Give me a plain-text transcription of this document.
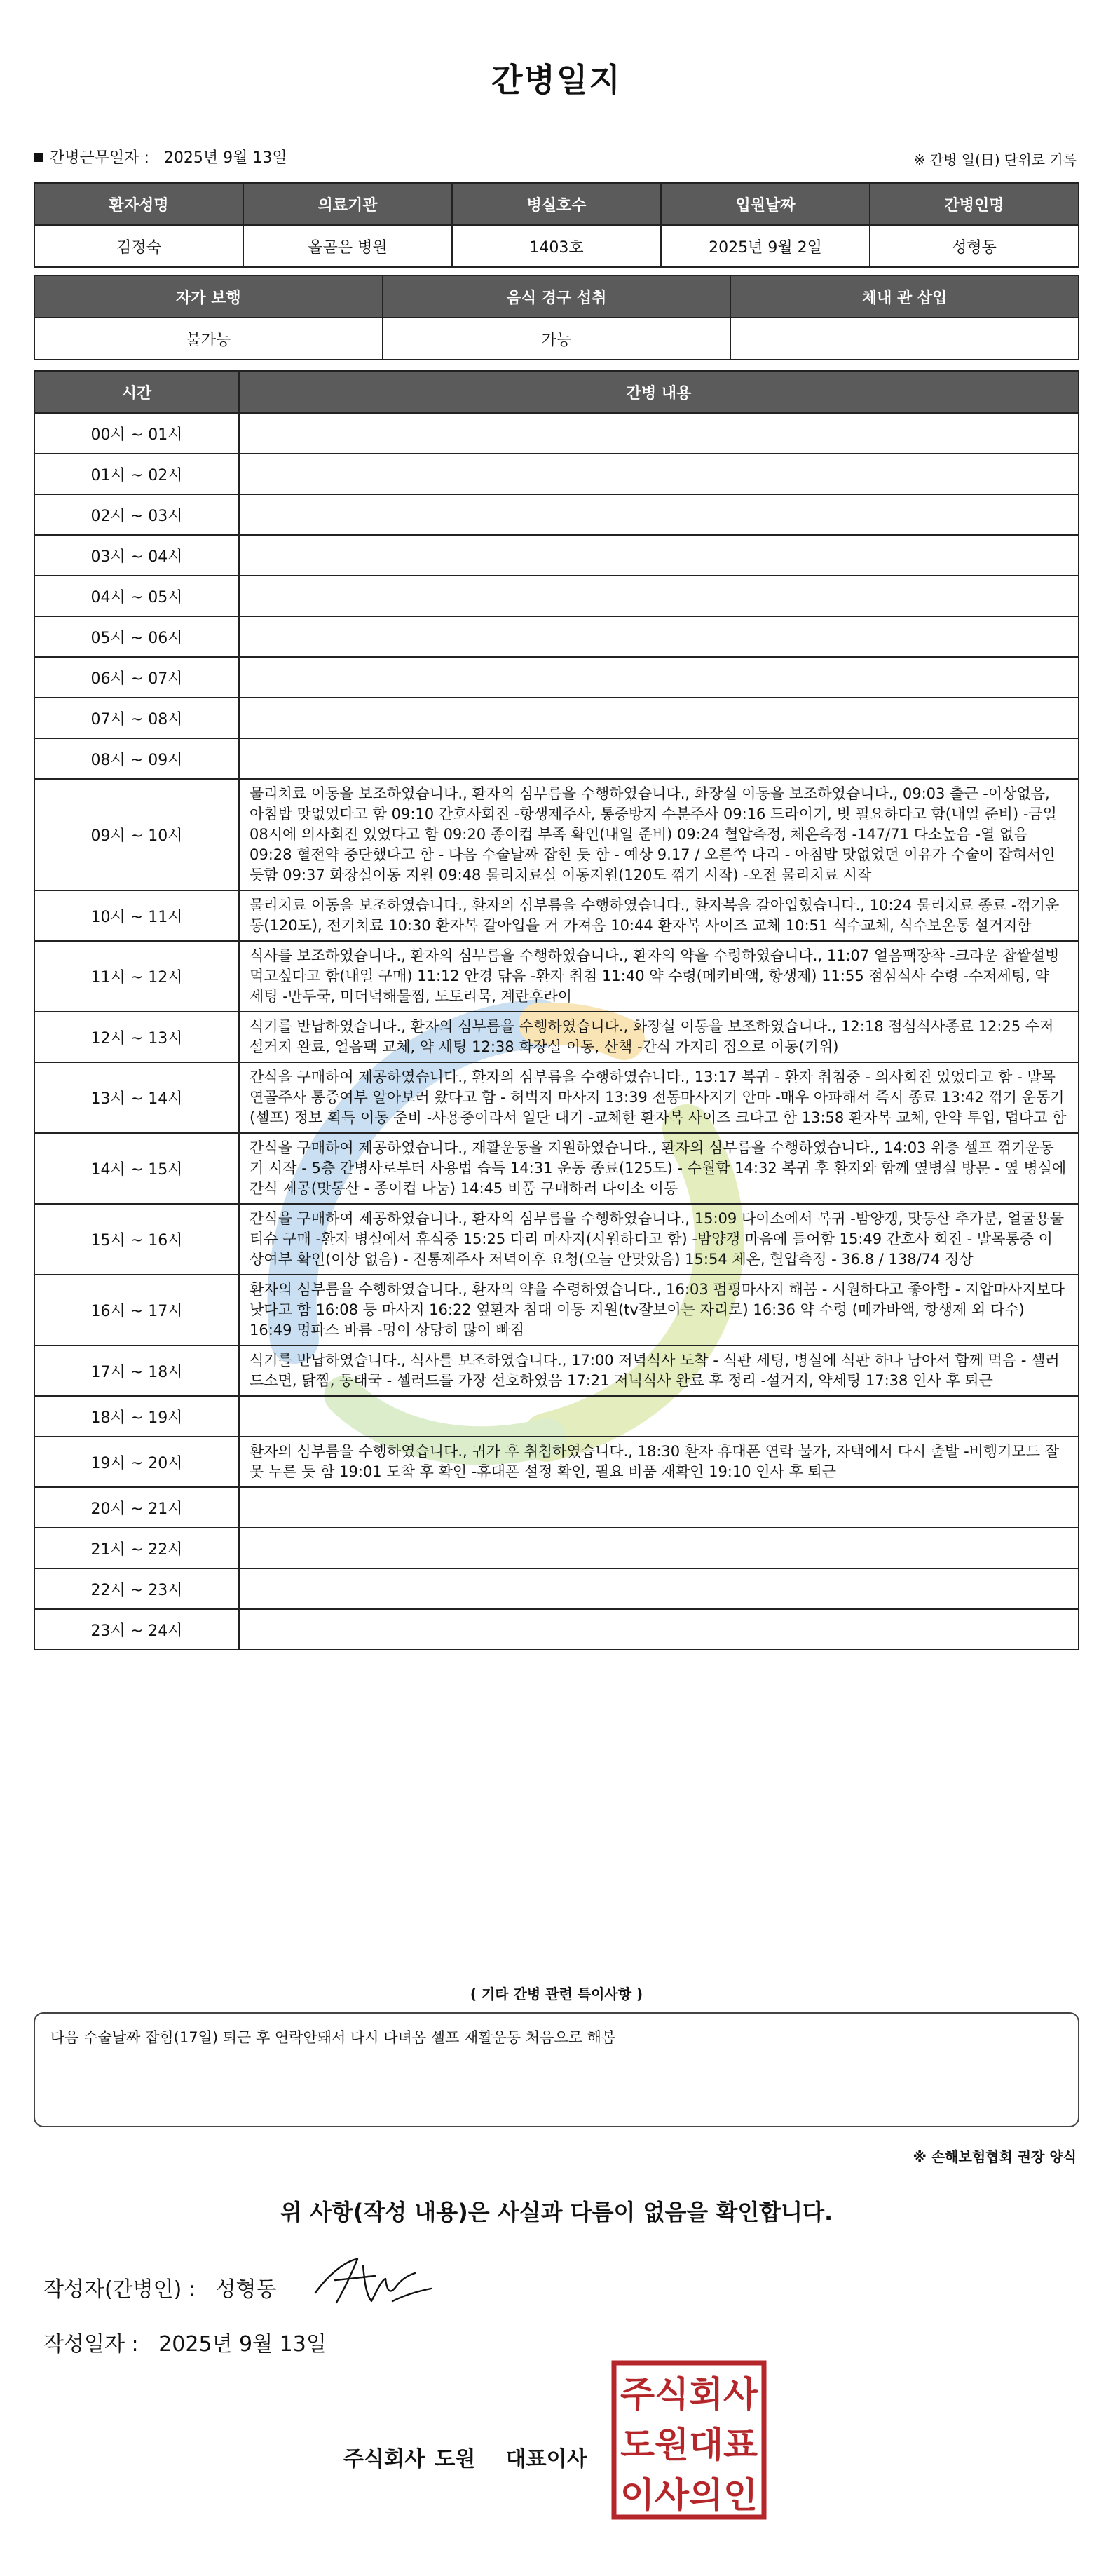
간병일지
간병근무일자 : 2025년 9월 13일	※ 간병 일(日) 단위로 기록
환자성명	의료기관	병실호수	입원날짜	간병인명
김정숙	올곧은 병원	1403호	2025년 9월 2일	성형동
자가 보행	음식 경구 섭취	체내 관 삽입
불가능	가능	
시간	간병 내용
00시 ~ 01시	
01시 ~ 02시	
02시 ~ 03시	
03시 ~ 04시	
04시 ~ 05시	
05시 ~ 06시	
06시 ~ 07시	
07시 ~ 08시	
08시 ~ 09시	
09시 ~ 10시	물리치료 이동을 보조하였습니다., 환자의 심부름을 수행하였습니다., 화장실 이동을 보조하였습니다., 09:03 출근 -이상없음, 아침밥 맛없었다고 함 09:10 간호사회진 -항생제주사, 통증방지 수분주사 09:16 드라이기, 빗 필요하다고 함(내일 준비) -금일 08시에 의사회진 있었다고 함 09:20 종이컵 부족 확인(내일 준비) 09:24 혈압측정, 체온측정 -147/71 다소높음 -열 없음 09:28 혈전약 중단했다고 함 - 다음 수술날짜 잡힌 듯 함 - 예상 9.17 / 오른쪽 다리 - 아침밥 맛없었던 이유가 수술이 잡혀서인듯함 09:37 화장실이동 지원 09:48 물리치료실 이동지원(120도 꺾기 시작) -오전 물리치료 시작
10시 ~ 11시	물리치료 이동을 보조하였습니다., 환자의 심부름을 수행하였습니다., 환자복을 갈아입혔습니다., 10:24 물리치료 종료 -꺾기운동(120도), 전기치료 10:30 환자복 갈아입을 거 가져옴 10:44 환자복 사이즈 교체 10:51 식수교체, 식수보온통 설거지함
11시 ~ 12시	식사를 보조하였습니다., 환자의 심부름을 수행하였습니다., 환자의 약을 수령하였습니다., 11:07 얼음팩장착 -크라운 찹쌀설병 먹고싶다고 함(내일 구매) 11:12 안경 닦음 -환자 취침 11:40 약 수령(메카바액, 항생제) 11:55 점심식사 수령 -수저세팅, 약 세팅 -만두국, 미더덕해물찜, 도토리묵, 계란후라이
12시 ~ 13시	식기를 반납하였습니다., 환자의 심부름을 수행하였습니다., 화장실 이동을 보조하였습니다., 12:18 점심식사종료 12:25 수저 설거지 완료, 얼음팩 교체, 약 세팅 12:38 화장실 이동, 산책 -간식 가지러 집으로 이동(키위)
13시 ~ 14시	간식을 구매하여 제공하였습니다., 환자의 심부름을 수행하였습니다., 13:17 복귀 - 환자 취침중 - 의사회진 있었다고 함 - 발목 연골주사 통증여부 알아보러 왔다고 함 - 허벅지 마사지 13:39 전동마사지기 안마 -매우 아파해서 즉시 종료 13:42 꺾기 운동기(셀프) 정보 획득 이동 준비 -사용중이라서 일단 대기 -교체한 환자복 사이즈 크다고 함 13:58 환자복 교체, 안약 투입, 덥다고 함
14시 ~ 15시	간식을 구매하여 제공하였습니다., 재활운동을 지원하였습니다., 환자의 심부름을 수행하였습니다., 14:03 위층 셀프 꺾기운동기 시작 - 5층 간병사로부터 사용법 습득 14:31 운동 종료(125도) - 수월함 14:32 복귀 후 환자와 함께 옆병실 방문 - 옆 병실에 간식 제공(맛동산 - 종이컵 나눔) 14:45 비품 구매하러 다이소 이동
15시 ~ 16시	간식을 구매하여 제공하였습니다., 환자의 심부름을 수행하였습니다., 15:09 다이소에서 복귀 -밤양갱, 맛동산 추가분, 얼굴용물티슈 구매 -환자 병실에서 휴식중 15:25 다리 마사지(시원하다고 함) -밤양갱 마음에 들어함 15:49 간호사 회진 - 발목통증 이상여부 확인(이상 없음) - 진통제주사 저녁이후 요청(오늘 안맞았음) 15:54 체온, 혈압측정 - 36.8 / 138/74 정상
16시 ~ 17시	환자의 심부름을 수행하였습니다., 환자의 약을 수령하였습니다., 16:03 펌핑마사지 해봄 - 시원하다고 좋아함 - 지압마사지보다 낫다고 함 16:08 등 마사지 16:22 옆환자 침대 이동 지원(tv잘보이는 자리로) 16:36 약 수령 (메카바액, 항생제 외 다수) 16:49 멍파스 바름 -멍이 상당히 많이 빠짐
17시 ~ 18시	식기를 반납하였습니다., 식사를 보조하였습니다., 17:00 저녁식사 도착 - 식판 세팅, 병실에 식판 하나 남아서 함께 먹음 - 셀러드소면, 닭찜, 동태국 - 셀러드를 가장 선호하였음 17:21 저녁식사 완료 후 정리 -설거지, 약세팅 17:38 인사 후 퇴근
18시 ~ 19시	
19시 ~ 20시	환자의 심부름을 수행하였습니다., 귀가 후 취침하였습니다., 18:30 환자 휴대폰 연락 불가, 자택에서 다시 출발 -비행기모드 잘못 누른 듯 함 19:01 도착 후 확인 -휴대폰 설정 확인, 필요 비품 재확인 19:10 인사 후 퇴근
20시 ~ 21시	
21시 ~ 22시	
22시 ~ 23시	
23시 ~ 24시	
( 기타 간병 관련 특이사항 )
다음 수술날짜 잡힘(17일) 퇴근 후 연락안돼서 다시 다녀옴 셀프 재활운동 처음으로 해봄
※ 손해보험협회 권장 양식
위 사항(작성 내용)은 사실과 다름이 없음을 확인합니다.
작성자(간병인) : 성형동
작성일자 : 2025년 9월 13일
주식회사 도원   대표이사
주식회사
도원대표
이사의인
